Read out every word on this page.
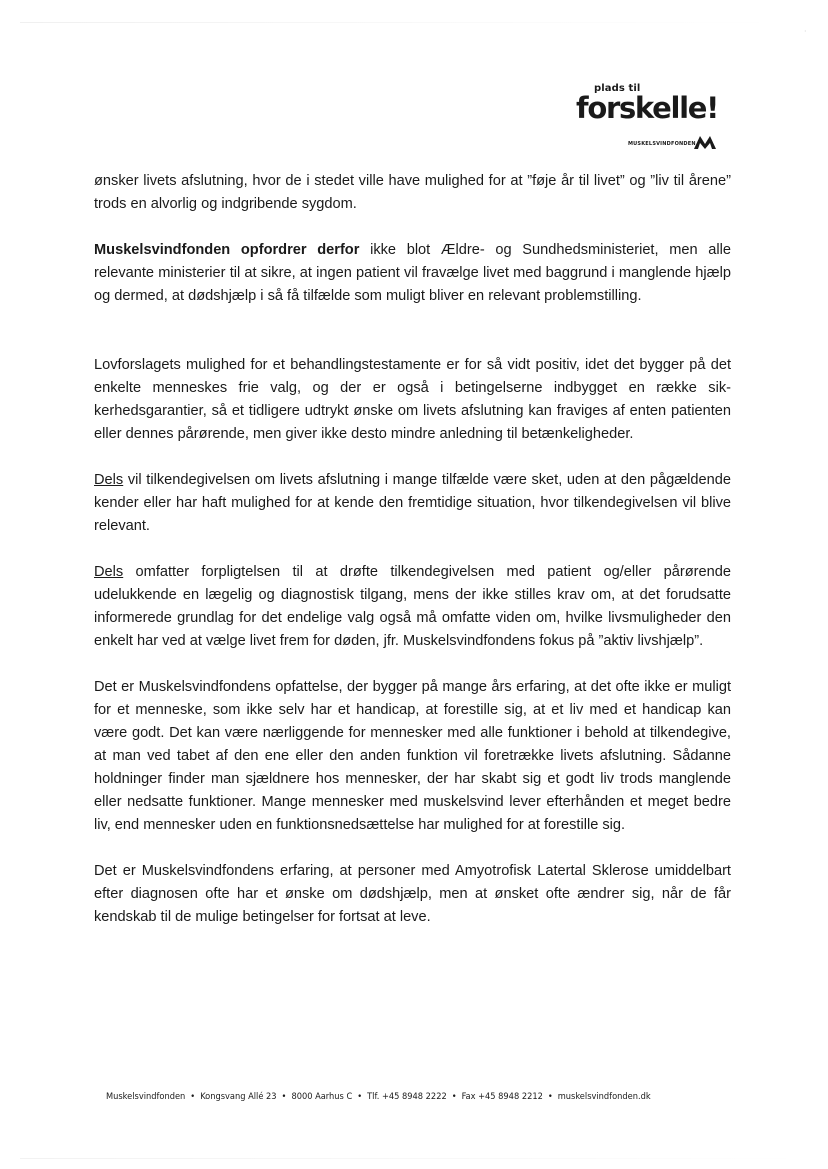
·
plads til
forskelle!
MUSKELSVINDFONDEN

ønsker livets afslutning, hvor de i stedet ville have mulighed for at ”føje år til livet” og ”liv til årene” trods en alvorlig og indgribende sygdom.

Muskelsvindfonden opfordrer derfor ikke blot Ældre- og Sundhedsministeriet, men alle relevante ministerier til at sikre, at ingen patient vil fravælge livet med baggrund i manglende hjælp og dermed, at dødshjælp i så få tilfælde som muligt bliver en relevant problemstilling.

Lovforslagets mulighed for et behandlingstestamente er for så vidt positiv, idet det bygger på det enkelte menneskes frie valg, og der er også i betingelserne indbygget en række sikkerhedsgarantier, så et tidligere udtrykt ønske om livets afslutning kan fraviges af enten patienten eller dennes pårørende, men giver ikke desto mindre anledning til betænkeligheder.

Dels vil tilkendegivelsen om livets afslutning i mange tilfælde være sket, uden at den pågældende kender eller har haft mulighed for at kende den fremtidige situation, hvor tilkendegivelsen vil blive relevant.

Dels omfatter forpligtelsen til at drøfte tilkendegivelsen med patient og/eller pårørende udelukkende en lægelig og diagnostisk tilgang, mens der ikke stilles krav om, at det forudsatte informerede grundlag for det endelige valg også må omfatte viden om, hvilke livsmuligheder den enkelt har ved at vælge livet frem for døden, jfr. Muskelsvindfondens fokus på ”aktiv livshjælp”.

Det er Muskelsvindfondens opfattelse, der bygger på mange års erfaring, at det ofte ikke er muligt for et menneske, som ikke selv har et handicap, at forestille sig, at et liv med et handicap kan være godt. Det kan være nærliggende for mennesker med alle funktioner i behold at tilkendegive, at man ved tabet af den ene eller den anden funktion vil foretrække livets afslutning. Sådanne holdninger finder man sjældnere hos mennesker, der har skabt sig et godt liv trods manglende eller nedsatte funktioner. Mange mennesker med muskelsvind lever efterhånden et meget bedre liv, end mennesker uden en funktionsnedsættelse har mulighed for at forestille sig.

Det er Muskelsvindfondens erfaring, at personer med Amyotrofisk Latertal Sklerose umiddelbart efter diagnosen ofte har et ønske om dødshjælp, men at ønsket ofte ændrer sig, når de får kendskab til de mulige betingelser for fortsat at leve.

Muskelsvindfonden • Kongsvang Allé 23 • 8000 Aarhus C • Tlf. +45 8948 2222 • Fax +45 8948 2212 • muskelsvindfonden.dk
